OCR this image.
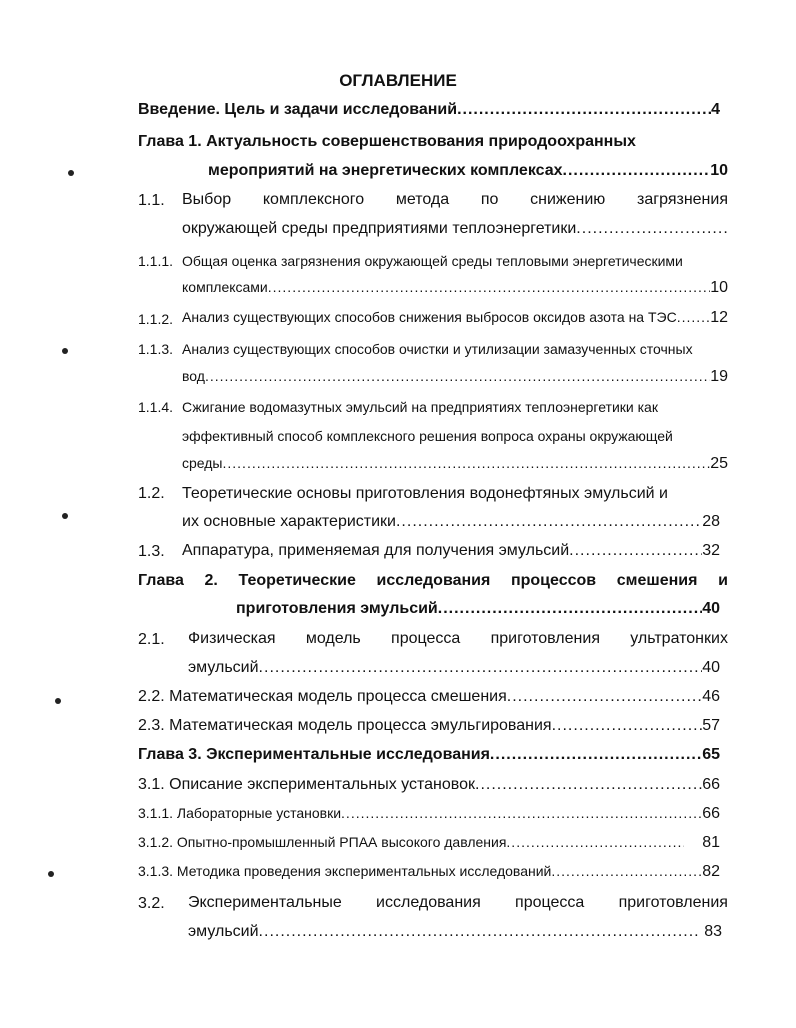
ОГЛАВЛЕНИЕ
Введение. Цель и задачи исследований .....	4
Глава 1. Актуальность совершенствования природоохранных
мероприятий на энергетических комплексах .....	10
1.1. Выбор комплексного метода по снижению загрязнения
окружающей среды предприятиями теплоэнергетики
.....
1.1.1. Общая оценка загрязнения окружающей среды тепловыми энергетическими
комплексами .....	10
1.1.2. Анализ существующих способов снижения выбросов оксидов азота на ТЭС ..... 12
1.1.3. Анализ существующих способов очистки и утилизации замазученных сточных
вод .....	19
1.1.4. Сжигание водомазутных эмульсий на предприятиях теплоэнергетики как
эффективный способ комплексного решения вопроса охраны окружающей
среды .....	25
1.2. Теоретические основы приготовления водонефтяных эмульсий и
их основные характеристики .....	28
1.3. Аппаратура, применяемая для получения эмульсий .....	32
Глава 2. Теоретические исследования процессов смешения и
приготовления эмульсий .....	40
2.1. Физическая модель процесса приготовления ультратонких
эмульсий .....	40
2.2. Математическая модель процесса смешения .....	46
2.3. Математическая модель процесса эмульгирования .....	57
Глава 3. Экспериментальные исследования .....	65
3.1. Описание экспериментальных установок .....	66
3.1.1. Лабораторные установки .....	66
3.1.2. Опытно-промышленный РПАА высокого давления .....	81
3.1.3. Методика проведения экспериментальных исследований .....	82
3.2. Экспериментальные исследования процесса приготовления
эмульсий .....	83
